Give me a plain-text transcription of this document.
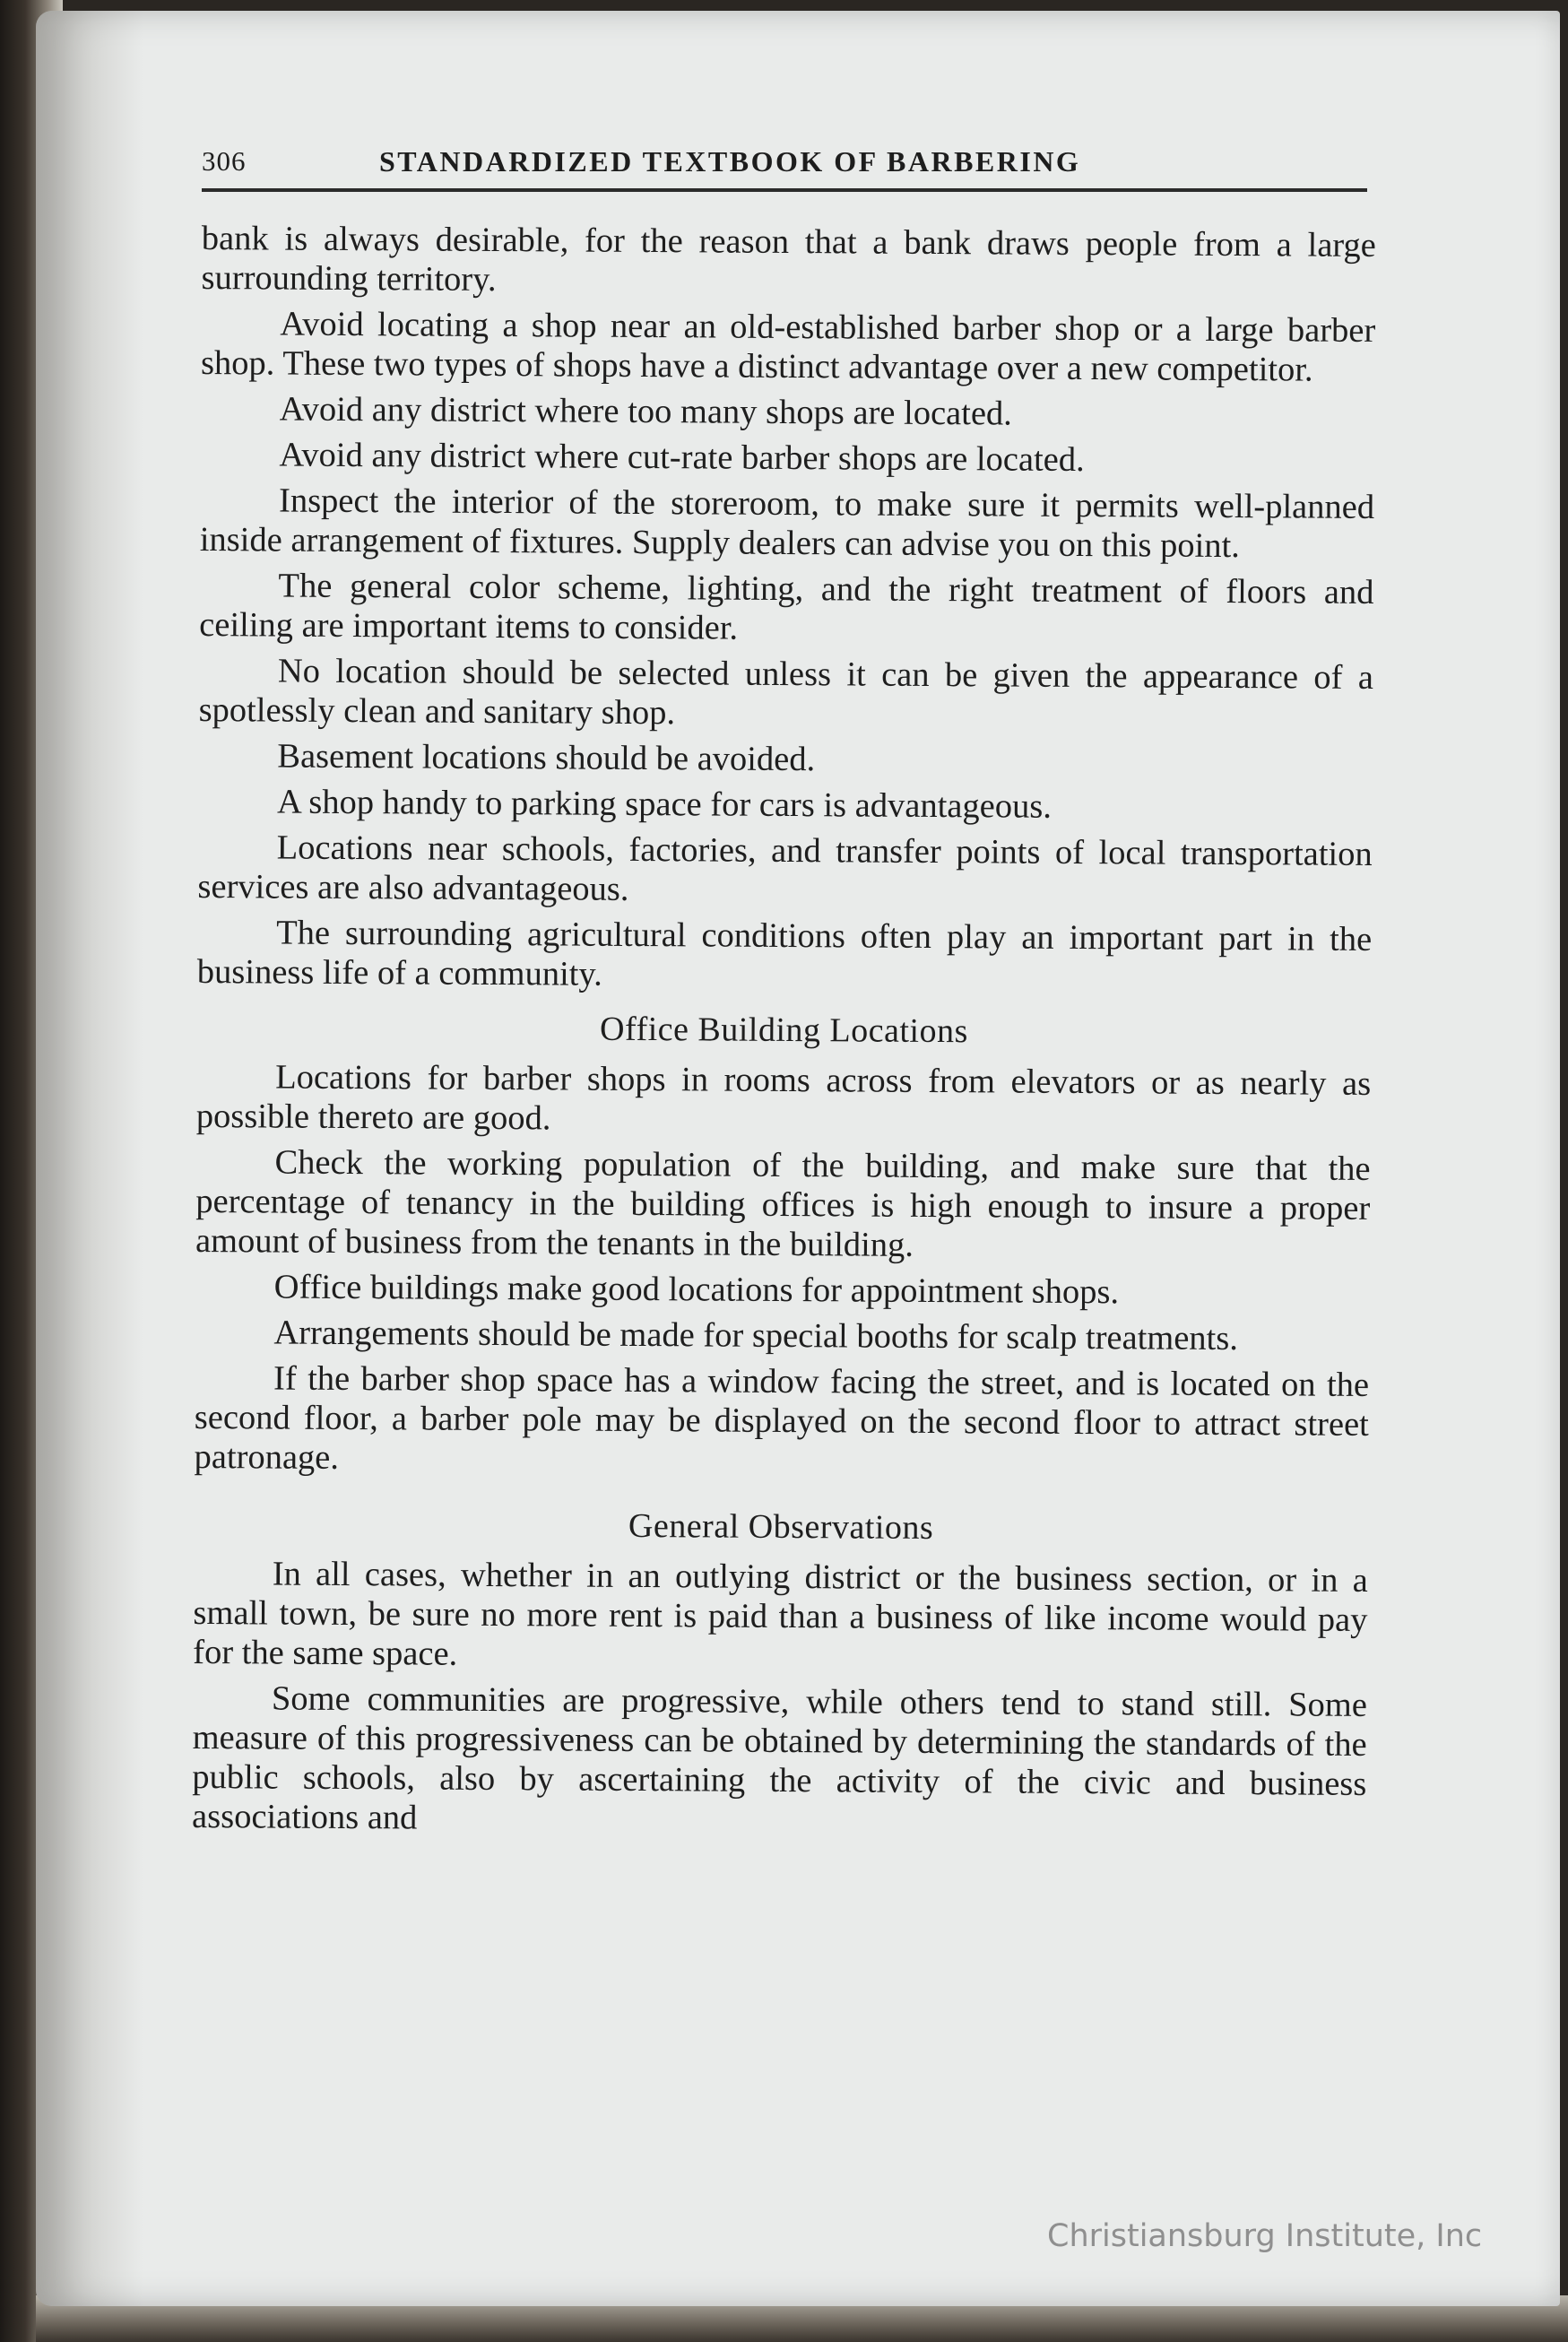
306	STANDARDIZED TEXTBOOK OF BARBERING

bank is always desirable, for the reason that a bank draws people from a large surrounding territory.

Avoid locating a shop near an old-established barber shop or a large barber shop. These two types of shops have a distinct advantage over a new competitor.

Avoid any district where too many shops are located.

Avoid any district where cut-rate barber shops are located.

Inspect the interior of the storeroom, to make sure it permits well-planned inside arrangement of fixtures. Supply dealers can advise you on this point.

The general color scheme, lighting, and the right treatment of floors and ceiling are important items to consider.

No location should be selected unless it can be given the appearance of a spotlessly clean and sanitary shop.

Basement locations should be avoided.

A shop handy to parking space for cars is advantageous.

Locations near schools, factories, and transfer points of local transportation services are also advantageous.

The surrounding agricultural conditions often play an important part in the business life of a community.

Office Building Locations

Locations for barber shops in rooms across from elevators or as nearly as possible thereto are good.

Check the working population of the building, and make sure that the percentage of tenancy in the building offices is high enough to insure a proper amount of business from the tenants in the building.

Office buildings make good locations for appointment shops.

Arrangements should be made for special booths for scalp treatments.

If the barber shop space has a window facing the street, and is located on the second floor, a barber pole may be displayed on the second floor to attract street patronage.

General Observations

In all cases, whether in an outlying district or the business section, or in a small town, be sure no more rent is paid than a business of like income would pay for the same space.

Some communities are progressive, while others tend to stand still. Some measure of this progressiveness can be obtained by determining the standards of the public schools, also by ascertaining the activity of the civic and business associations and

Christiansburg Institute, Inc
